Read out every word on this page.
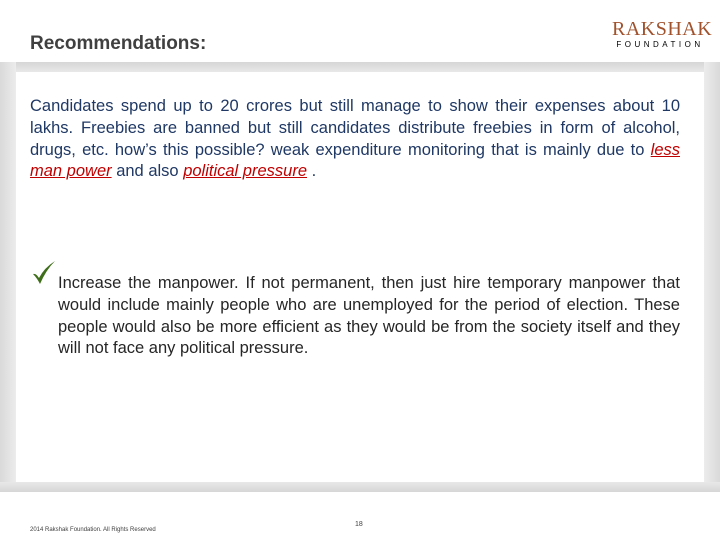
Recommendations:
RAKSHAK
FOUNDATION
Candidates spend up to 20 crores but still manage to show their expenses about 10 lakhs. Freebies are banned but still candidates distribute freebies in form of alcohol, drugs, etc. how’s this possible? weak expenditure monitoring that is mainly due to less man power and also political pressure .
Increase the manpower. If not permanent, then just hire temporary manpower that would include mainly people who are unemployed for the period of election. These people would also be more efficient as they would be from the society itself and they will not face any political pressure.
2014 Rakshak Foundation. All Rights Reserved
18
